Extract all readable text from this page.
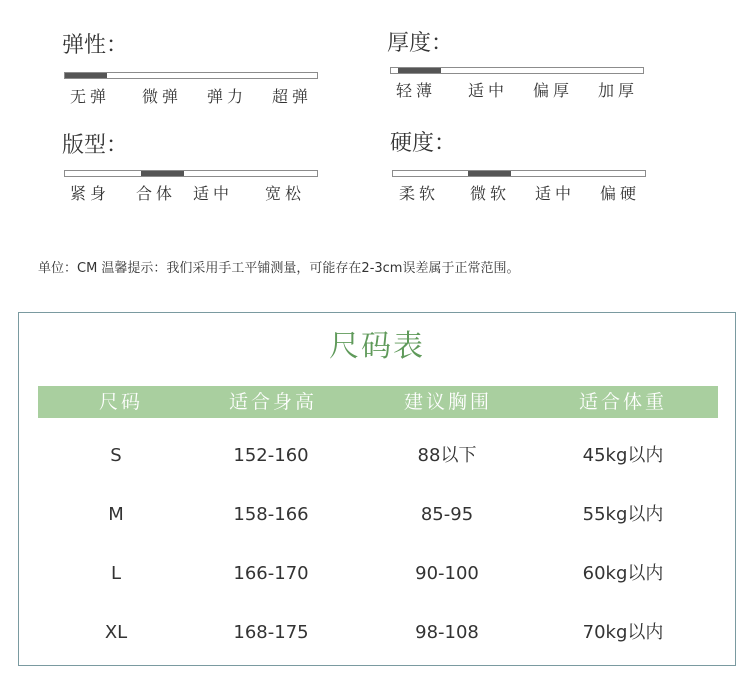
弹性：
无弹 微弹 弹力 超弹
厚度：
轻薄 适中 偏厚 加厚
版型：
紧身 合体 适中 宽松
硬度：
柔软 微软 适中 偏硬
单位：CM 温馨提示：我们采用手工平铺测量，可能存在2-3cm误差属于正常范围。
尺码表
尺码	适合身高	建议胸围	适合体重
S	152-160	88以下	45kg以内
M	158-166	85-95	55kg以内
L	166-170	90-100	60kg以内
XL	168-175	98-108	70kg以内
